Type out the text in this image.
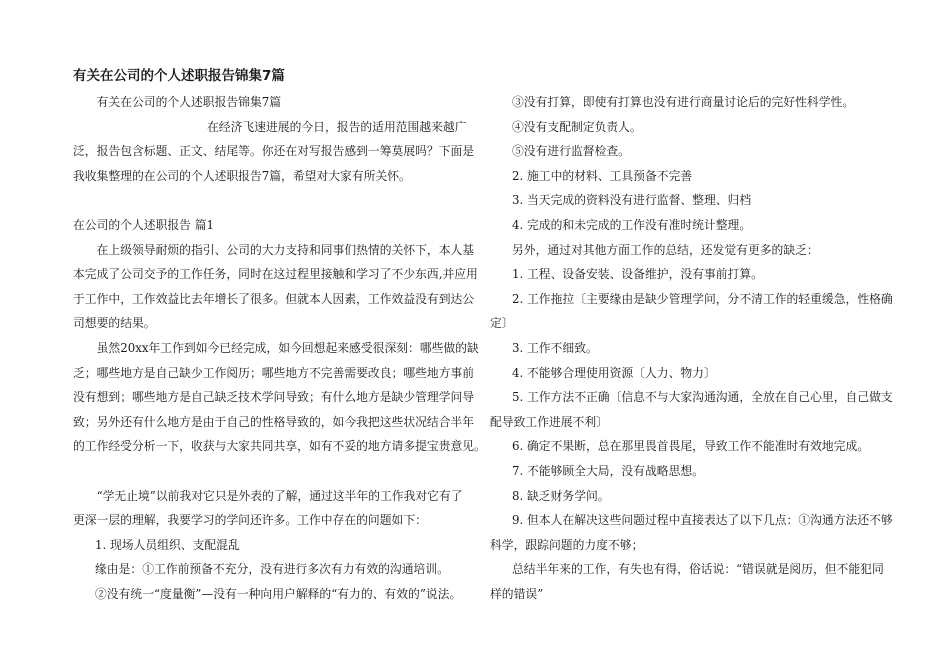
有关在公司的个人述职报告锦集7篇

有关在公司的个人述职报告锦集7篇

在经济飞速进展的今日，报告的适用范围越来越广

泛，报告包含标题、正文、结尾等。你还在对写报告感到一筹莫展吗？下面是

我收集整理的在公司的个人述职报告7篇，希望对大家有所关怀。

在公司的个人述职报告 篇1

在上级领导耐烦的指引、公司的大力支持和同事们热情的关怀下，本人基

本完成了公司交予的工作任务，同时在这过程里接触和学习了不少东西,并应用

于工作中，工作效益比去年增长了很多。但就本人因素，工作效益没有到达公

司想要的结果。

虽然20xx年工作到如今已经完成，如今回想起来感受很深刻：哪些做的缺

乏；哪些地方是自己缺少工作阅历；哪些地方不完善需要改良；哪些地方事前

没有想到；哪些地方是自己缺乏技术学问导致；有什么地方是缺少管理学问导

致；另外还有什么地方是由于自己的性格导致的，如今我把这些状况结合半年

的工作经受分析一下，收获与大家共同共享，如有不妥的地方请多提宝贵意见。

“学无止境”以前我对它只是外表的了解，通过这半年的工作我对它有了

更深一层的理解，我要学习的学问还许多。工作中存在的问题如下：

1. 现场人员组织、支配混乱

缘由是：①工作前预备不充分，没有进行多次有力有效的沟通培训。

②没有统一“度量衡”—没有一种向用户解释的“有力的、有效的”说法。

③没有打算，即使有打算也没有进行商量讨论后的完好性科学性。

④没有支配制定负责人。

⑤没有进行监督检查。

2. 施工中的材料、工具预备不完善

3. 当天完成的资料没有进行监督、整理、归档

4. 完成的和未完成的工作没有准时统计整理。

另外，通过对其他方面工作的总结，还发觉有更多的缺乏：

1. 工程、设备安装、设备维护，没有事前打算。

2. 工作拖拉〔主要缘由是缺少管理学问，分不清工作的轻重缓急，性格确

定〕

3. 工作不细致。

4. 不能够合理使用资源〔人力、物力〕

5. 工作方法不正确〔信息不与大家沟通沟通，全放在自己心里，自己做支

配导致工作进展不利〕

6. 确定不果断，总在那里畏首畏尾，导致工作不能准时有效地完成。

7. 不能够顾全大局，没有战略思想。

8. 缺乏财务学问。

9. 但本人在解决这些问题过程中直接表达了以下几点：①沟通方法还不够

科学，跟踪问题的力度不够；

总结半年来的工作，有失也有得，俗话说：“错误就是阅历，但不能犯同

样的错误”
